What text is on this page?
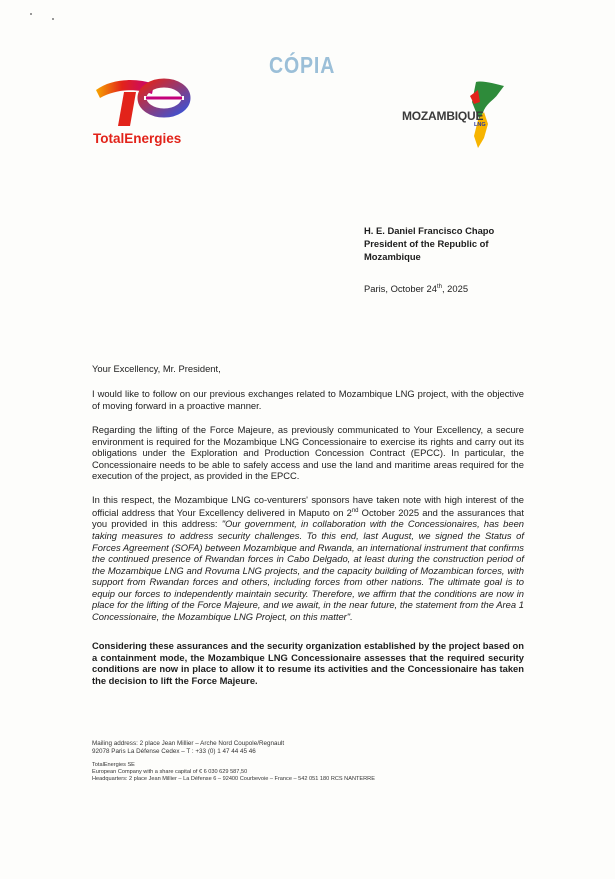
CÓPIA
TotalEnergies
MOZAMBIQUE
LNG
H. E. Daniel Francisco Chapo
President of the Republic of
Mozambique
Paris, October 24th, 2025
Your Excellency, Mr. President,
I would like to follow on our previous exchanges related to Mozambique LNG project, with the objective of moving forward in a proactive manner.
Regarding the lifting of the Force Majeure, as previously communicated to Your Excellency, a secure environment is required for the Mozambique LNG Concessionaire to exercise its rights and carry out its obligations under the Exploration and Production Concession Contract (EPCC). In particular, the Concessionaire needs to be able to safely access and use the land and maritime areas required for the execution of the project, as provided in the EPCC.
In this respect, the Mozambique LNG co-venturers' sponsors have taken note with high interest of the official address that Your Excellency delivered in Maputo on 2nd October 2025 and the assurances that you provided in this address: "Our government, in collaboration with the Concessionaires, has been taking measures to address security challenges. To this end, last August, we signed the Status of Forces Agreement (SOFA) between Mozambique and Rwanda, an international instrument that confirms the continued presence of Rwandan forces in Cabo Delgado, at least during the construction period of the Mozambique LNG and Rovuma LNG projects, and the capacity building of Mozambican forces, with support from Rwandan forces and others, including forces from other nations. The ultimate goal is to equip our forces to independently maintain security. Therefore, we affirm that the conditions are now in place for the lifting of the Force Majeure, and we await, in the near future, the statement from the Area 1 Concessionaire, the Mozambique LNG Project, on this matter".
Considering these assurances and the security organization established by the project based on a containment mode, the Mozambique LNG Concessionaire assesses that the required security conditions are now in place to allow it to resume its activities and the Concessionaire has taken the decision to lift the Force Majeure.
Mailing address: 2 place Jean Millier – Arche Nord Coupole/Regnault
92078 Paris La Défense Cedex – T : +33 (0) 1 47 44 45 46
TotalEnergies SE
European Company with a share capital of € 6 030 629 587,50
Headquarters: 2 place Jean Millier – La Défense 6 – 92400 Courbevoie – France – 542 051 180 RCS NANTERRE
